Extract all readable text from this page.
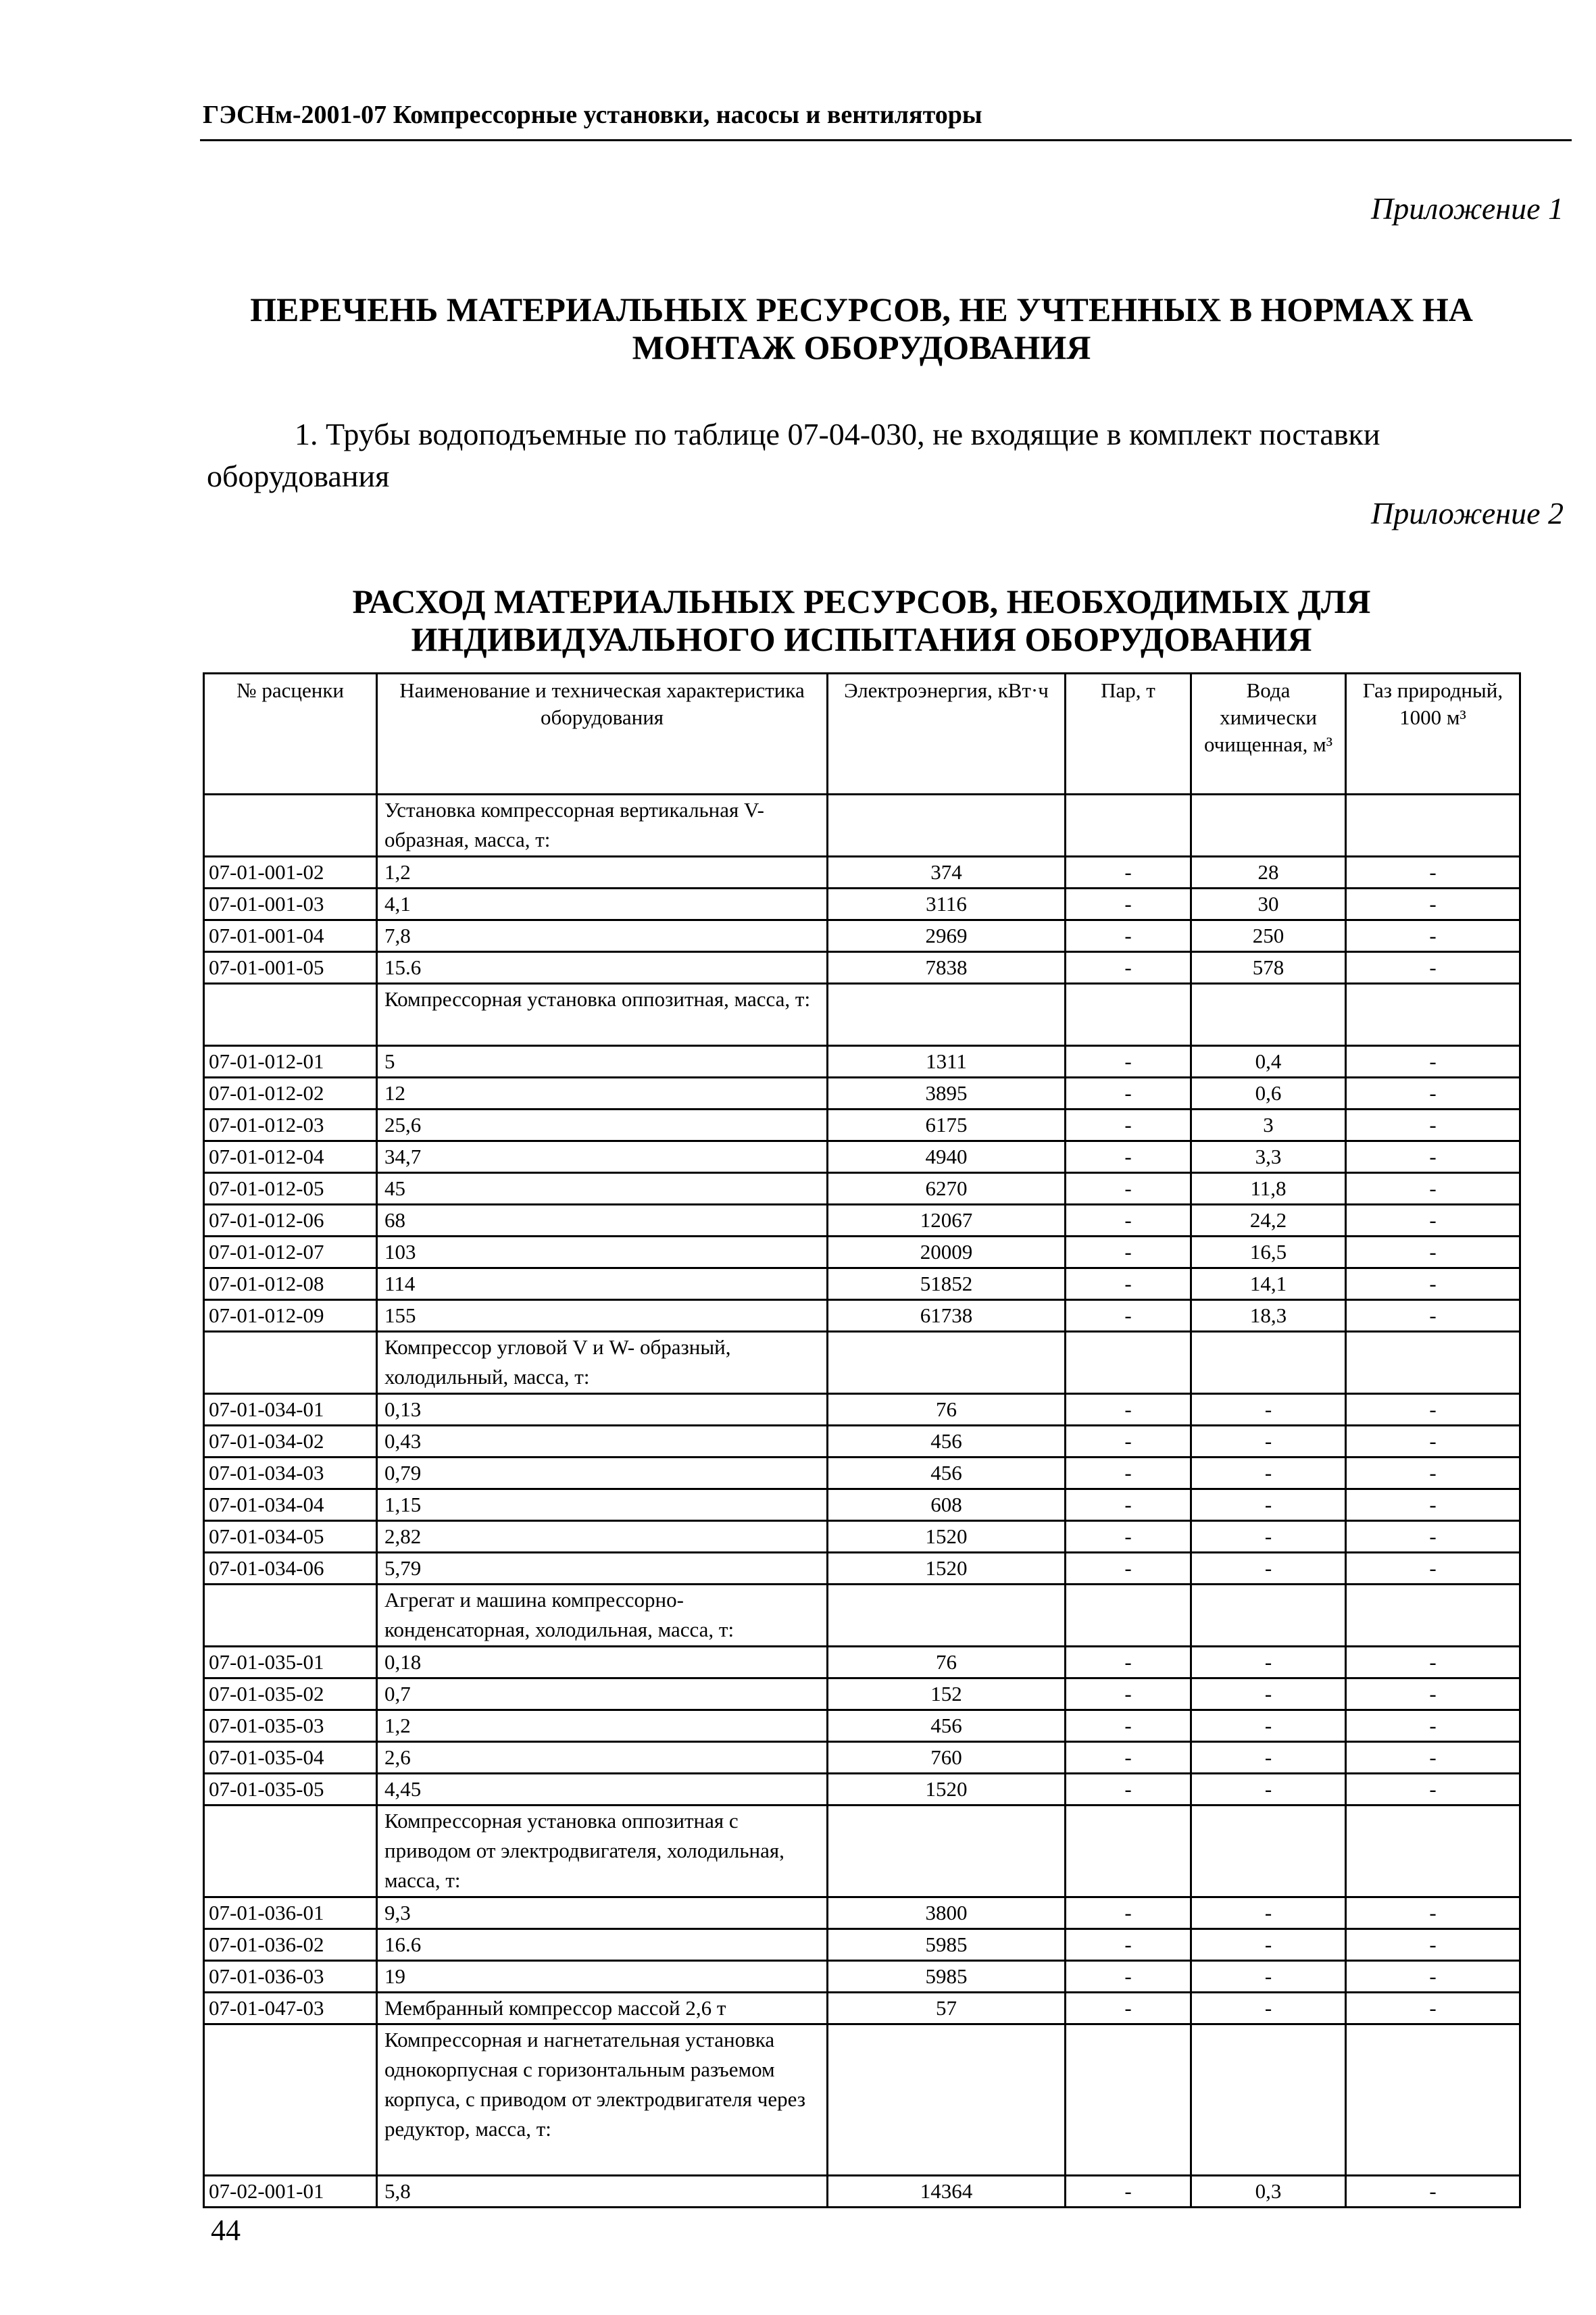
ГЭСНм-2001-07 Компрессорные установки, насосы и вентиляторы
Приложение 1
ПЕРЕЧЕНЬ МАТЕРИАЛЬНЫХ РЕСУРСОВ, НЕ УЧТЕННЫХ В НОРМАХ НА
МОНТАЖ ОБОРУДОВАНИЯ
1. Трубы водоподъемные по таблице 07-04-030, не входящие в комплект поставки оборудования
Приложение 2
РАСХОД МАТЕРИАЛЬНЫХ РЕСУРСОВ, НЕОБХОДИМЫХ ДЛЯ
ИНДИВИДУАЛЬНОГО ИСПЫТАНИЯ ОБОРУДОВАНИЯ
№ расценки	Наименование и техническая характеристика оборудования	Электроэнергия, кВт·ч	Пар, т	Вода химически очищенная, м³	Газ природный, 1000 м³
	Установка компрессорная вертикальная V-образная, масса, т:				
07-01-001-02	1,2	374	-	28	-
07-01-001-03	4,1	3116	-	30	-
07-01-001-04	7,8	2969	-	250	-
07-01-001-05	15.6	7838	-	578	-
	Компрессорная установка оппозитная, масса, т:				
07-01-012-01	5	1311	-	0,4	-
07-01-012-02	12	3895	-	0,6	-
07-01-012-03	25,6	6175	-	3	-
07-01-012-04	34,7	4940	-	3,3	-
07-01-012-05	45	6270	-	11,8	-
07-01-012-06	68	12067	-	24,2	-
07-01-012-07	103	20009	-	16,5	-
07-01-012-08	114	51852	-	14,1	-
07-01-012-09	155	61738	-	18,3	-
	Компрессор угловой V и W- образный, холодильный, масса, т:				
07-01-034-01	0,13	76	-	-	-
07-01-034-02	0,43	456	-	-	-
07-01-034-03	0,79	456	-	-	-
07-01-034-04	1,15	608	-	-	-
07-01-034-05	2,82	1520	-	-	-
07-01-034-06	5,79	1520	-	-	-
	Агрегат и машина компрессорно-конденсаторная, холодильная, масса, т:				
07-01-035-01	0,18	76	-	-	-
07-01-035-02	0,7	152	-	-	-
07-01-035-03	1,2	456	-	-	-
07-01-035-04	2,6	760	-	-	-
07-01-035-05	4,45	1520	-	-	-
	Компрессорная установка оппозитная с приводом от электродвигателя, холодильная, масса, т:				
07-01-036-01	9,3	3800	-	-	-
07-01-036-02	16.6	5985	-	-	-
07-01-036-03	19	5985	-	-	-
07-01-047-03	Мембранный компрессор массой 2,6 т	57	-	-	-
	Компрессорная и нагнетательная установка однокорпусная с горизонтальным разъемом корпуса, с приводом от электродвигателя через редуктор, масса, т:				
07-02-001-01	5,8	14364	-	0,3	-
44
